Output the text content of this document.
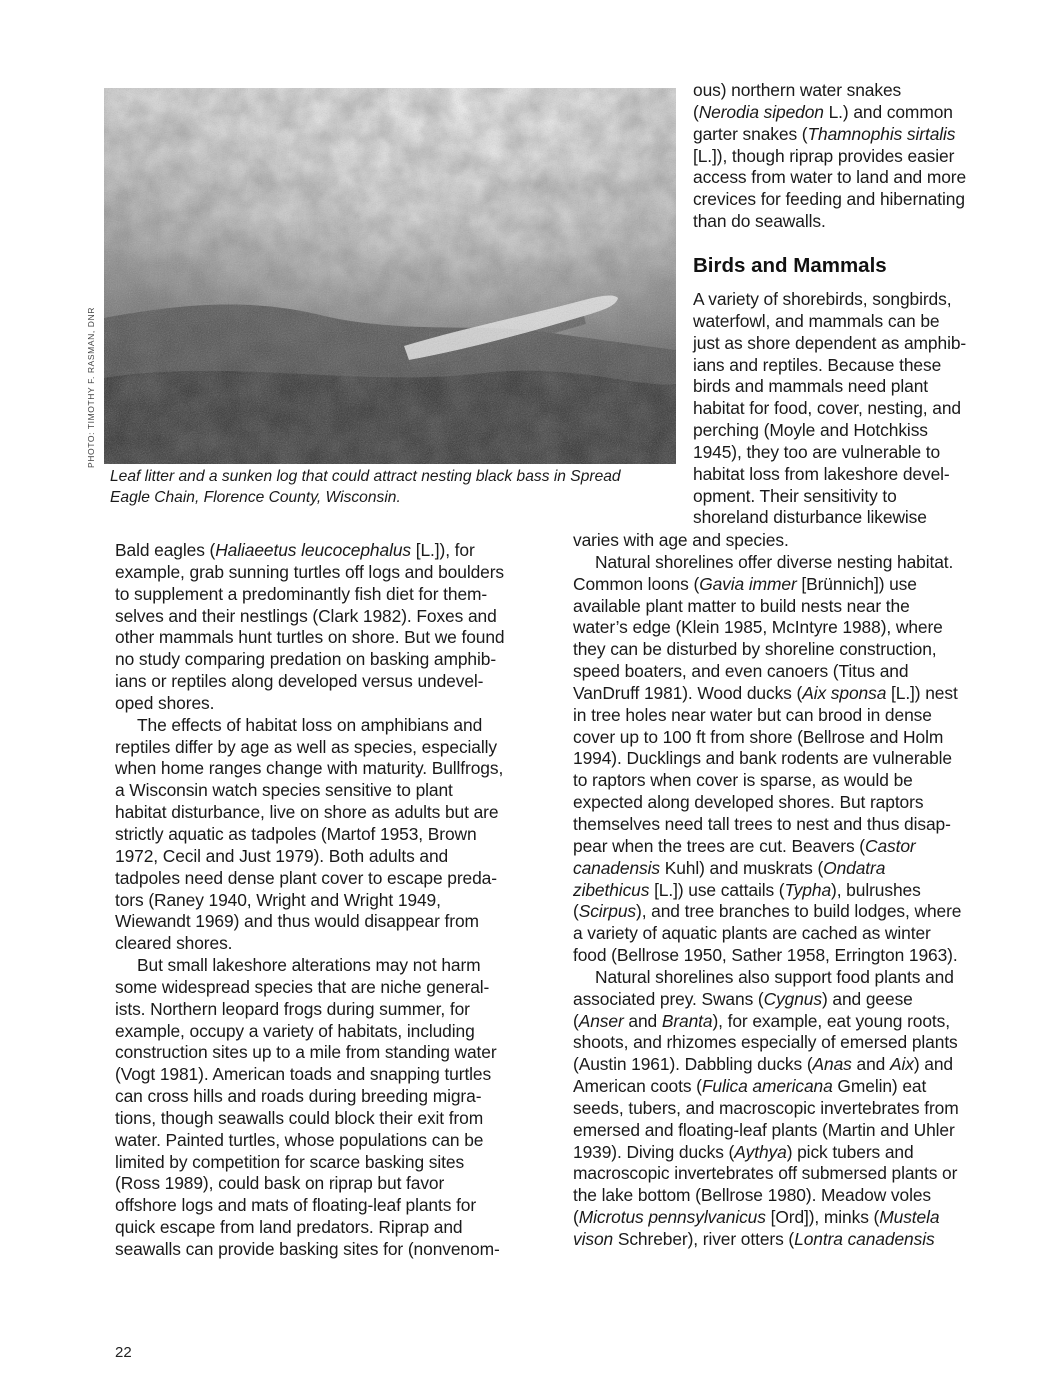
PHOTO: TIMOTHY F. RASMAN, DNR
Leaf litter and a sunken log that could attract nesting black bass in Spread
Eagle Chain, Florence County, Wisconsin.
ous) northern water snakes
(Nerodia sipedon L.) and common
garter snakes (Thamnophis sirtalis
[L.]), though riprap provides easier
access from water to land and more
crevices for feeding and hibernating
than do seawalls.
Birds and Mammals
A variety of shorebirds, songbirds,
waterfowl, and mammals can be
just as shore dependent as amphib-
ians and reptiles. Because these
birds and mammals need plant
habitat for food, cover, nesting, and
perching (Moyle and Hotchkiss
1945), they too are vulnerable to
habitat loss from lakeshore devel-
opment. Their sensitivity to
shoreland disturbance likewise
varies with age and species.
Natural shorelines offer diverse nesting habitat.
Common loons (Gavia immer [Brünnich]) use
available plant matter to build nests near the
water’s edge (Klein 1985, McIntyre 1988), where
they can be disturbed by shoreline construction,
speed boaters, and even canoers (Titus and
VanDruff 1981). Wood ducks (Aix sponsa [L.]) nest
in tree holes near water but can brood in dense
cover up to 100 ft from shore (Bellrose and Holm
1994). Ducklings and bank rodents are vulnerable
to raptors when cover is sparse, as would be
expected along developed shores. But raptors
themselves need tall trees to nest and thus disap-
pear when the trees are cut. Beavers (Castor
canadensis Kuhl) and muskrats (Ondatra
zibethicus [L.]) use cattails (Typha), bulrushes
(Scirpus), and tree branches to build lodges, where
a variety of aquatic plants are cached as winter
food (Bellrose 1950, Sather 1958, Errington 1963).
Natural shorelines also support food plants and
associated prey. Swans (Cygnus) and geese
(Anser and Branta), for example, eat young roots,
shoots, and rhizomes especially of emersed plants
(Austin 1961). Dabbling ducks (Anas and Aix) and
American coots (Fulica americana Gmelin) eat
seeds, tubers, and macroscopic invertebrates from
emersed and floating-leaf plants (Martin and Uhler
1939). Diving ducks (Aythya) pick tubers and
macroscopic invertebrates off submersed plants or
the lake bottom (Bellrose 1980). Meadow voles
(Microtus pennsylvanicus [Ord]), minks (Mustela
vison Schreber), river otters (Lontra canadensis
Bald eagles (Haliaeetus leucocephalus [L.]), for
example, grab sunning turtles off logs and boulders
to supplement a predominantly fish diet for them-
selves and their nestlings (Clark 1982). Foxes and
other mammals hunt turtles on shore. But we found
no study comparing predation on basking amphib-
ians or reptiles along developed versus undevel-
oped shores.
The effects of habitat loss on amphibians and
reptiles differ by age as well as species, especially
when home ranges change with maturity. Bullfrogs,
a Wisconsin watch species sensitive to plant
habitat disturbance, live on shore as adults but are
strictly aquatic as tadpoles (Martof 1953, Brown
1972, Cecil and Just 1979). Both adults and
tadpoles need dense plant cover to escape preda-
tors (Raney 1940, Wright and Wright 1949,
Wiewandt 1969) and thus would disappear from
cleared shores.
But small lakeshore alterations may not harm
some widespread species that are niche general-
ists. Northern leopard frogs during summer, for
example, occupy a variety of habitats, including
construction sites up to a mile from standing water
(Vogt 1981). American toads and snapping turtles
can cross hills and roads during breeding migra-
tions, though seawalls could block their exit from
water. Painted turtles, whose populations can be
limited by competition for scarce basking sites
(Ross 1989), could bask on riprap but favor
offshore logs and mats of floating-leaf plants for
quick escape from land predators. Riprap and
seawalls can provide basking sites for (nonvenom-
22
